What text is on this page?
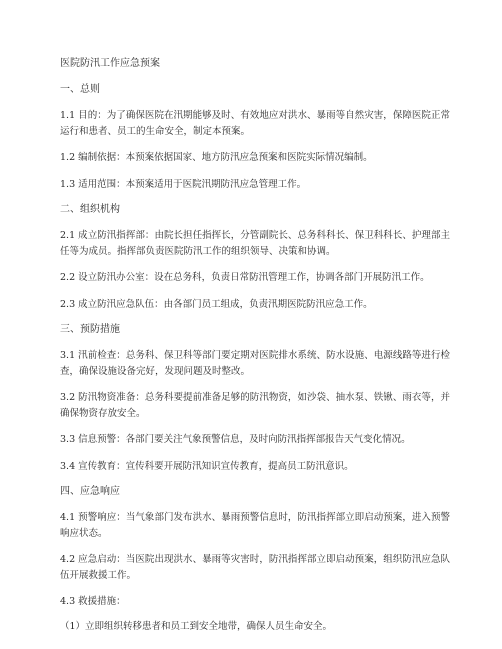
医院防汛工作应急预案
一、总则
1.1 目的：为了确保医院在汛期能够及时、有效地应对洪水、暴雨等自然灾害，保障医院正常运行和患者、员工的生命安全，制定本预案。
1.2 编制依据：本预案依据国家、地方防汛应急预案和医院实际情况编制。
1.3 适用范围：本预案适用于医院汛期防汛应急管理工作。
二、组织机构
2.1 成立防汛指挥部：由院长担任指挥长，分管副院长、总务科科长、保卫科科长、护理部主任等为成员。指挥部负责医院防汛工作的组织领导、决策和协调。
2.2 设立防汛办公室：设在总务科，负责日常防汛管理工作，协调各部门开展防汛工作。
2.3 成立防汛应急队伍：由各部门员工组成，负责汛期医院防汛应急工作。
三、预防措施
3.1 汛前检查：总务科、保卫科等部门要定期对医院排水系统、防水设施、电源线路等进行检查，确保设施设备完好，发现问题及时整改。
3.2 防汛物资准备：总务科要提前准备足够的防汛物资，如沙袋、抽水泵、铁锹、雨衣等，并确保物资存放安全。
3.3 信息预警：各部门要关注气象预警信息，及时向防汛指挥部报告天气变化情况。
3.4 宣传教育：宣传科要开展防汛知识宣传教育，提高员工防汛意识。
四、应急响应
4.1 预警响应：当气象部门发布洪水、暴雨预警信息时，防汛指挥部立即启动预案，进入预警响应状态。
4.2 应急启动：当医院出现洪水、暴雨等灾害时，防汛指挥部立即启动预案，组织防汛应急队伍开展救援工作。
4.3 救援措施：
（1）立即组织转移患者和员工到安全地带，确保人员生命安全。
